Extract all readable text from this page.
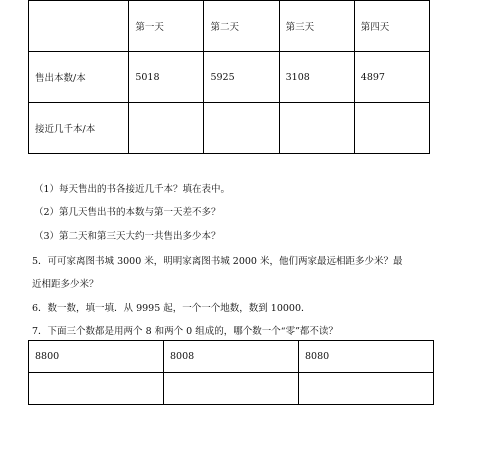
	第一天	第二天	第三天	第四天
售出本数/本	5018	5925	3108	4897
接近几千本/本				
（1）每天售出的书各接近几千本？填在表中。
（2）第几天售出书的本数与第一天差不多？
（3）第二天和第三天大约一共售出多少本？
5．可可家离图书城 3000 米，明明家离图书城 2000 米，他们两家最远相距多少米？最
近相距多少米？
6．数一数，填一填．从 9995 起，一个一个地数，数到 10000．
7．下面三个数都是用两个 8 和两个 0 组成的，哪个数一个“零”都不读？
8800	8008	8080
